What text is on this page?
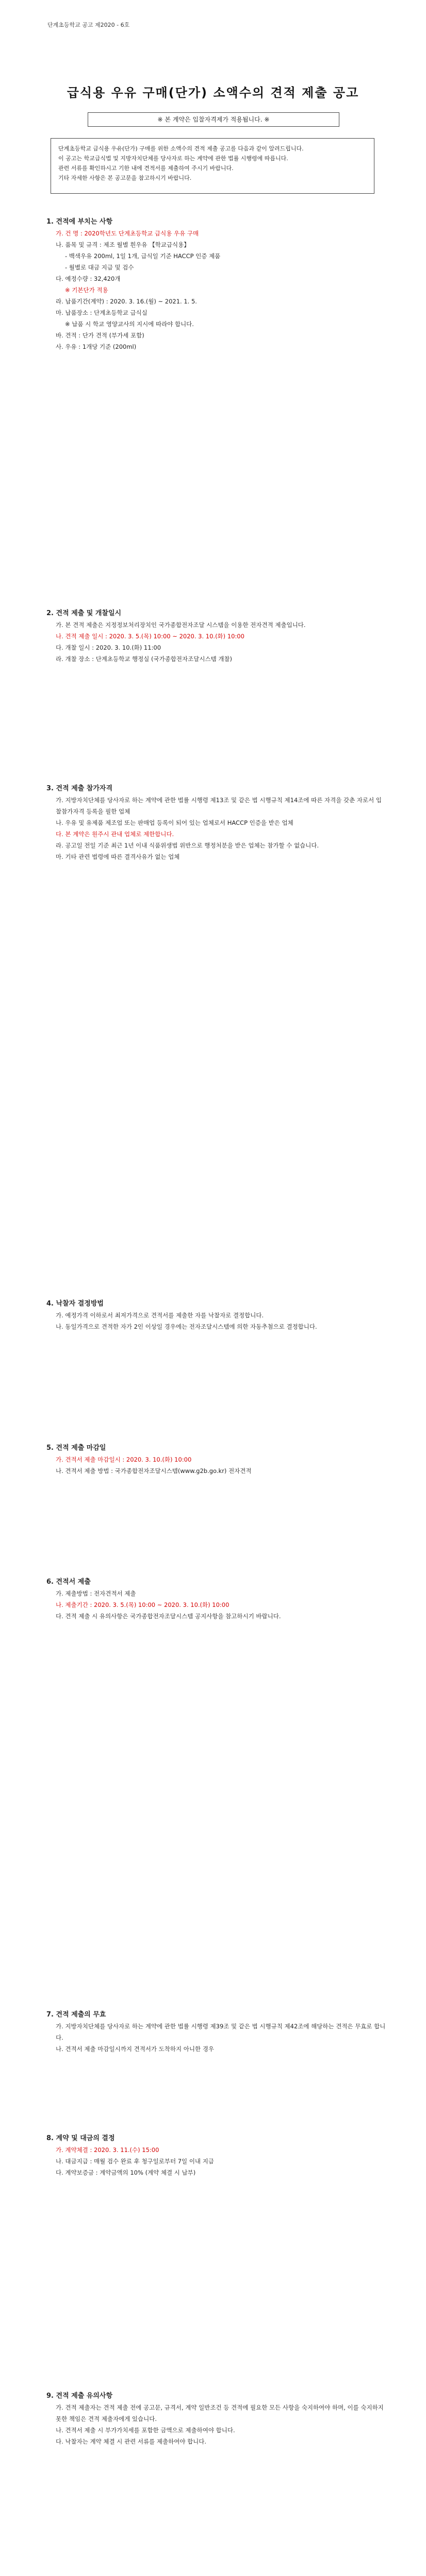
단계초등학교 공고 제2020 - 6호
급식용 우유 구매(단가) 소액수의 견적 제출 공고
※ 본 계약은 입찰자격제가 적용됩니다. ※

단계초등학교 급식용 우유(단가) 구매를 위한 소액수의 견적 제출 공고를 다음과 같이 알려드립니다.

이 공고는 학교급식법 및 지방자치단체를 당사자로 하는 계약에 관한 법률 시행령에 따릅니다.

관련 서류를 확인하시고 기한 내에 견적서를 제출하여 주시기 바랍니다.

기타 자세한 사항은 본 공고문을 참고하시기 바랍니다.

1. 견적에 부치는 사항

가. 건 명 : 2020학년도 단계초등학교 급식용 우유 구매

나. 품목 및 규격 : 제조 월별 흰우유 【학교급식용】

- 백색우유 200ml, 1일 1개, 급식일 기준 HACCP 인증 제품

- 월별로 대금 지급 및 검수

다. 예정수량 : 32,420개

※ 기본단가 적용

라. 납품기간(계약) : 2020. 3. 16.(월) ~ 2021. 1. 5.

마. 납품장소 : 단계초등학교 급식실

※ 납품 시 학교 영양교사의 지시에 따라야 합니다.

바. 견적 : 단가 견적 (부가세 포함)

사. 우유 : 1개당 기준 (200ml)

2. 견적 제출 및 개찰일시

가. 본 견적 제출은 지정정보처리장치인 국가종합전자조달 시스템을 이용한 전자견적 제출입니다.

나. 견적 제출 일시 : 2020. 3. 5.(목) 10:00 ~ 2020. 3. 10.(화) 10:00

다. 개찰 일시 : 2020. 3. 10.(화) 11:00

라. 개찰 장소 : 단계초등학교 행정실 (국가종합전자조달시스템 개찰)

3. 견적 제출 참가자격

가. 지방자치단체를 당사자로 하는 계약에 관한 법률 시행령 제13조 및 같은 법 시행규칙 제14조에 따른 자격을 갖춘 자로서 입찰참가자격 등록을 필한 업체

나. 우유 및 유제품 제조업 또는 판매업 등록이 되어 있는 업체로서 HACCP 인증을 받은 업체

다. 본 계약은 원주시 관내 업체로 제한합니다.

라. 공고일 전일 기준 최근 1년 이내 식품위생법 위반으로 행정처분을 받은 업체는 참가할 수 없습니다.

마. 기타 관련 법령에 따른 결격사유가 없는 업체

4. 낙찰자 결정방법

가. 예정가격 이하로서 최저가격으로 견적서를 제출한 자를 낙찰자로 결정합니다.

나. 동일가격으로 견적한 자가 2인 이상일 경우에는 전자조달시스템에 의한 자동추첨으로 결정합니다.

5. 견적 제출 마감일

가. 견적서 제출 마감일시 : 2020. 3. 10.(화) 10:00

나. 견적서 제출 방법 : 국가종합전자조달시스템(www.g2b.go.kr) 전자견적

6. 견적서 제출

가. 제출방법 : 전자견적서 제출

나. 제출기간 : 2020. 3. 5.(목) 10:00 ~ 2020. 3. 10.(화) 10:00

다. 견적 제출 시 유의사항은 국가종합전자조달시스템 공지사항을 참고하시기 바랍니다.

7. 견적 제출의 무효

가. 지방자치단체를 당사자로 하는 계약에 관한 법률 시행령 제39조 및 같은 법 시행규칙 제42조에 해당하는 견적은 무효로 합니다.

나. 견적서 제출 마감일시까지 견적서가 도착하지 아니한 경우

8. 계약 및 대금의 결정

가. 계약체결 : 2020. 3. 11.(수) 15:00

나. 대금지급 : 매월 검수 완료 후 청구일로부터 7일 이내 지급

다. 계약보증금 : 계약금액의 10% (계약 체결 시 납부)

9. 견적 제출 유의사항

가. 견적 제출자는 견적 제출 전에 공고문, 규격서, 계약 일반조건 등 견적에 필요한 모든 사항을 숙지하여야 하며, 이를 숙지하지 못한 책임은 견적 제출자에게 있습니다.

나. 견적서 제출 시 부가가치세를 포함한 금액으로 제출하여야 합니다.

다. 낙찰자는 계약 체결 시 관련 서류를 제출하여야 합니다.
